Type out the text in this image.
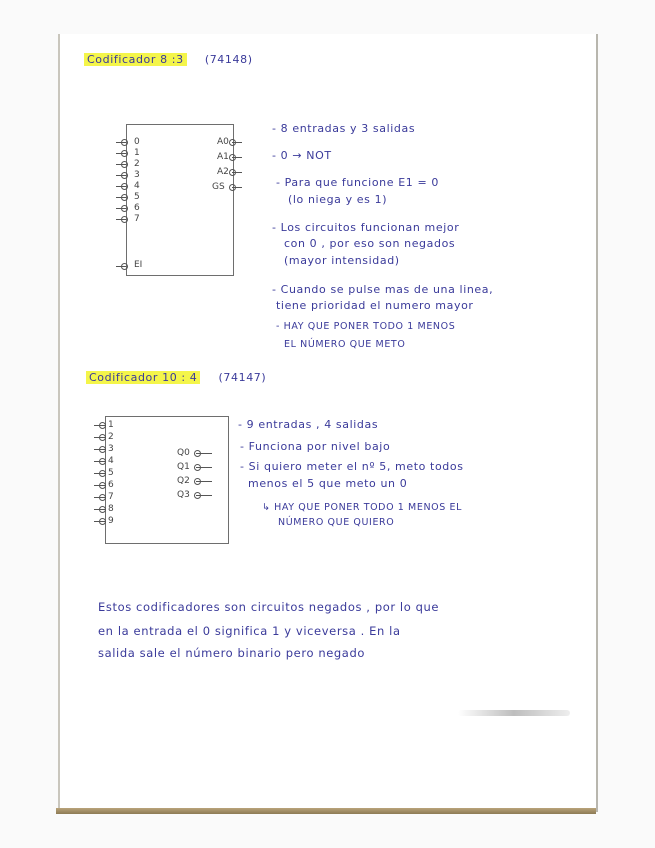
Codificador 8 :3 (74148)
0
1
2
3
4
5
6
7
A0
A1
A2
GS
EI
- 8 entradas y 3 salidas
- 0 → NOT
- Para que funcione E1 = 0
(lo niega y es 1)
- Los circuitos funcionan mejor
con 0 , por eso son negados
(mayor intensidad)
- Cuando se pulse mas de una linea,
tiene prioridad el numero mayor
- HAY QUE PONER TODO 1 MENOS
EL NÚMERO QUE METO
Codificador 10 : 4 (74147)
1
2
3
4
5
6
7
8
9
Q0
Q1
Q2
Q3
- 9 entradas , 4 salidas
- Funciona por nivel bajo
- Si quiero meter el nº 5, meto todos
menos el 5 que meto un 0
↳ HAY QUE PONER TODO 1 MENOS EL
NÚMERO QUE QUIERO
Estos codificadores son circuitos negados , por lo que
en la entrada el 0 significa 1 y viceversa . En la
salida sale el número binario pero negado
